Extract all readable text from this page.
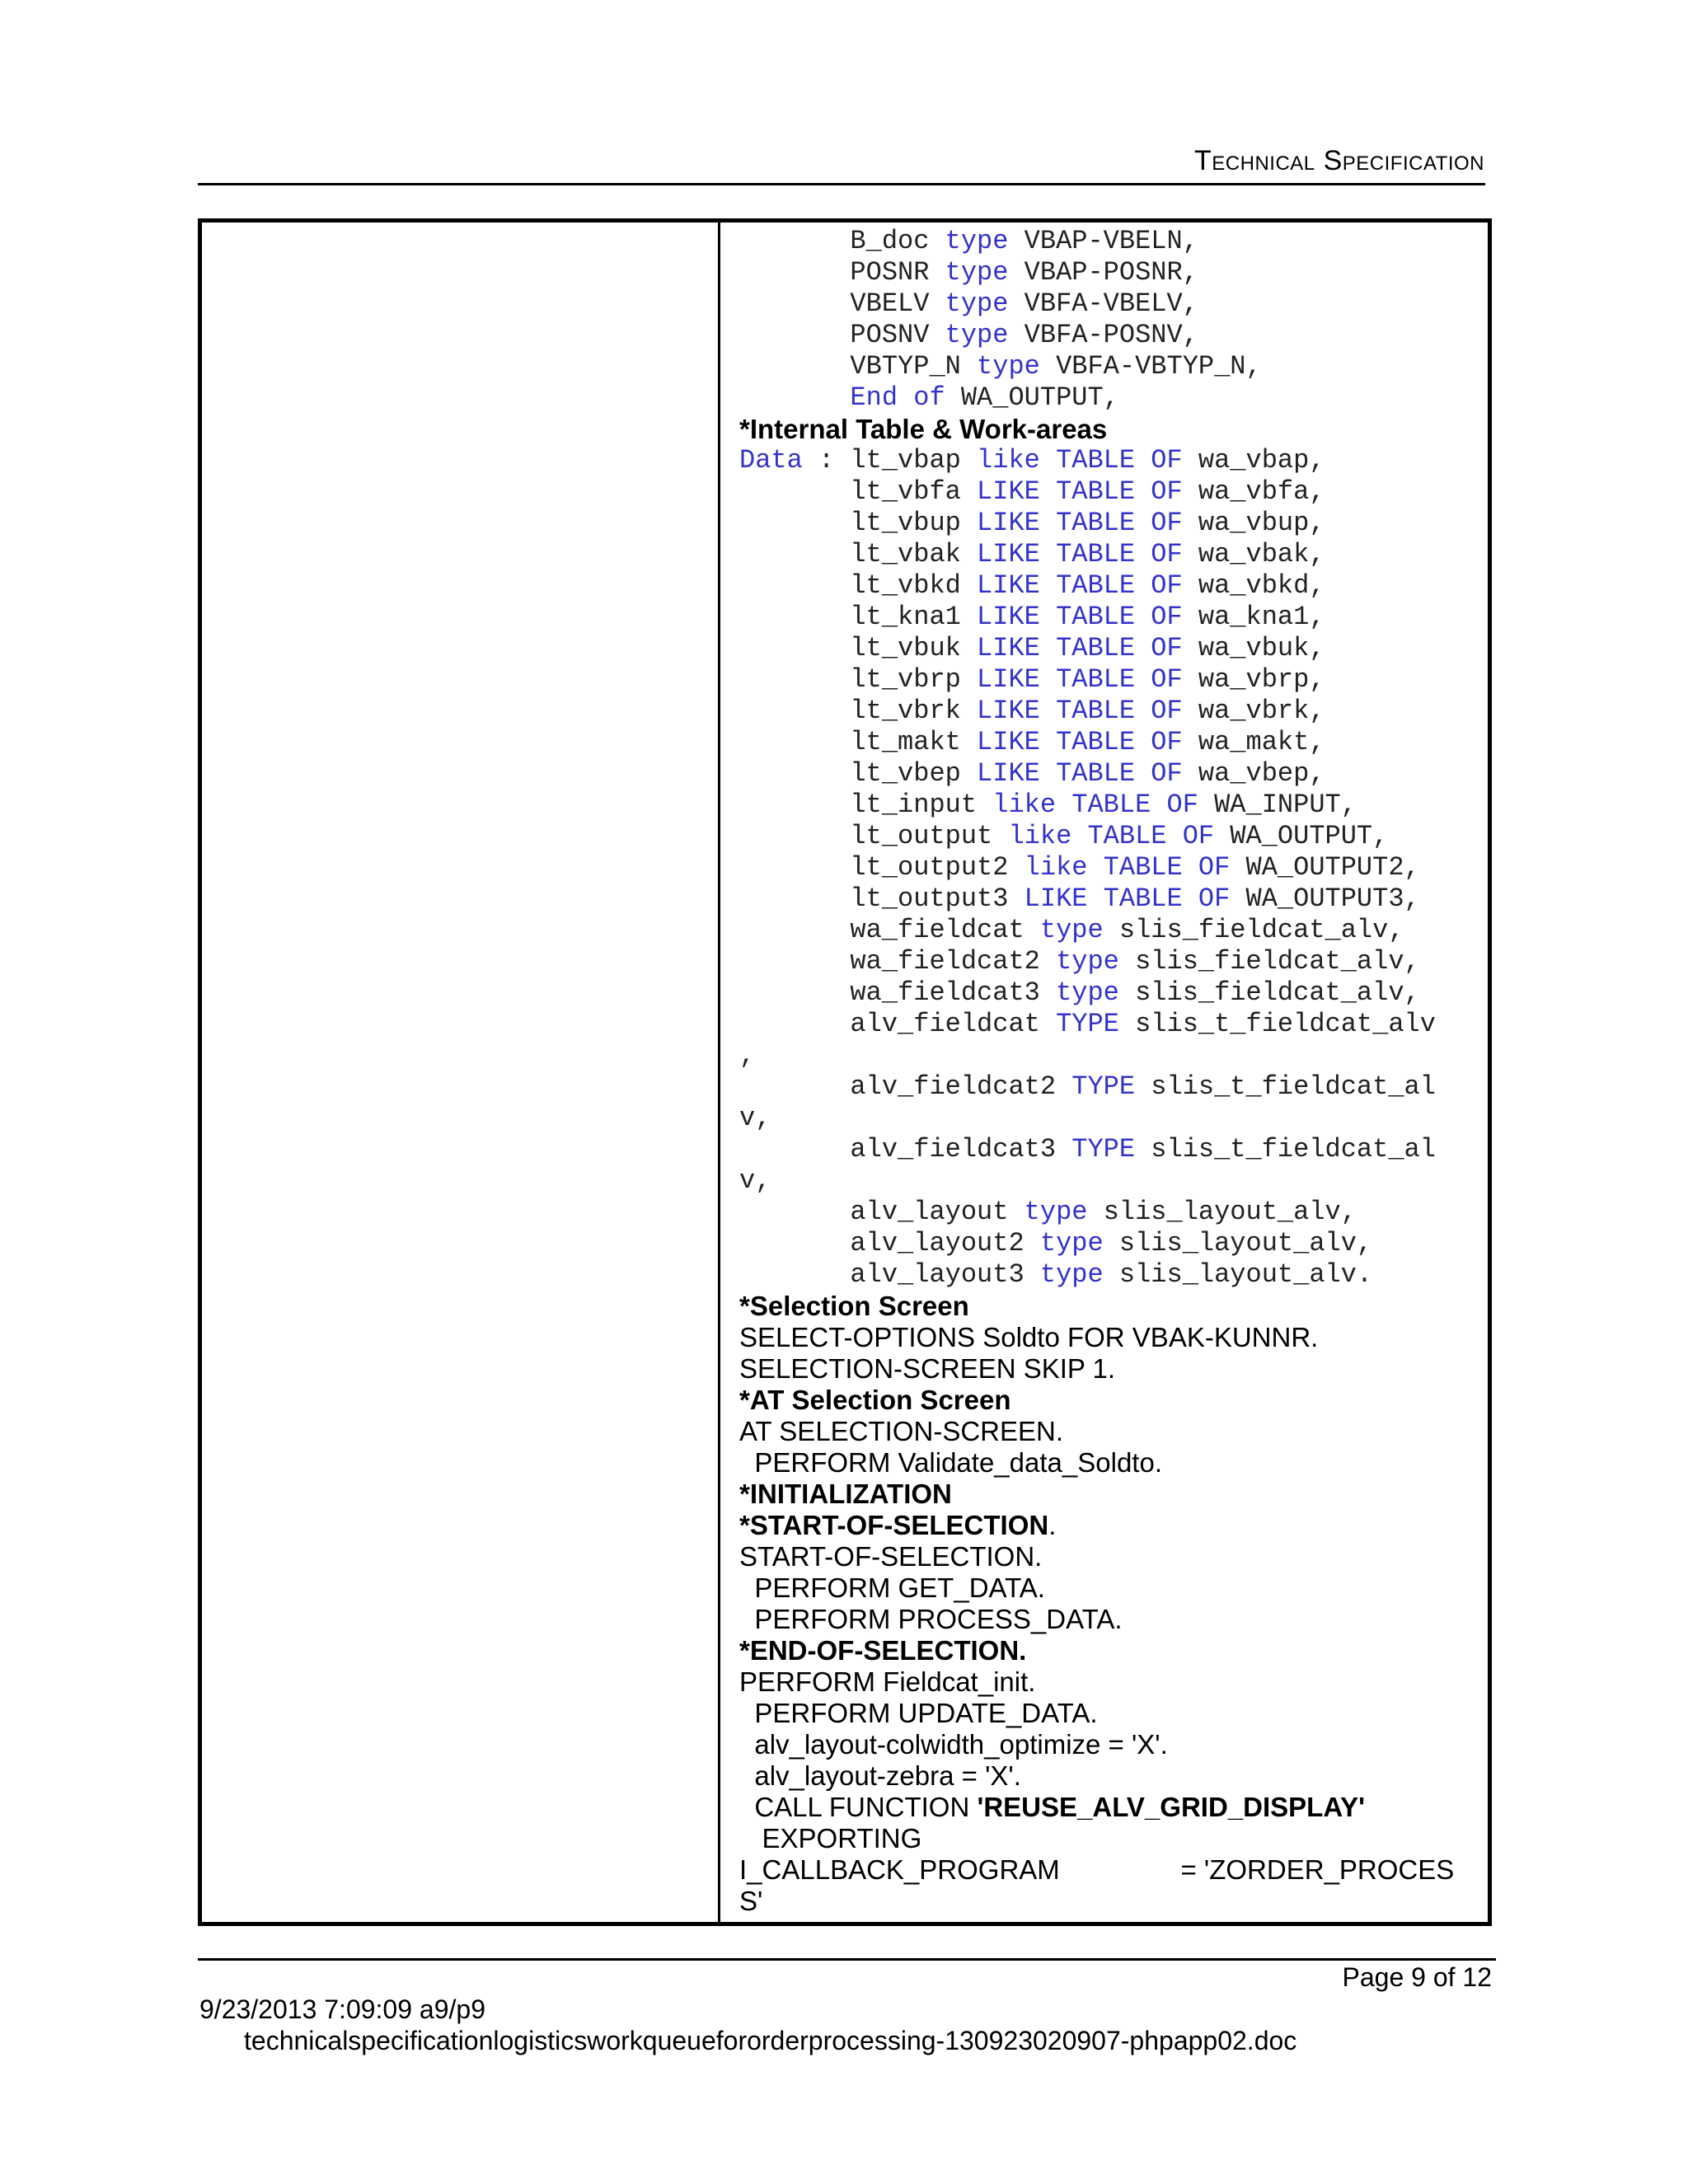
Technical Specification
B_doc type VBAP-VBELN,
POSNR type VBAP-POSNR,
VBELV type VBFA-VBELV,
POSNV type VBFA-POSNV,
VBTYP_N type VBFA-VBTYP_N,
End of WA_OUTPUT,
*Internal Table & Work-areas
Data : lt_vbap like TABLE OF wa_vbap,
lt_vbfa LIKE TABLE OF wa_vbfa,
lt_vbup LIKE TABLE OF wa_vbup,
lt_vbak LIKE TABLE OF wa_vbak,
lt_vbkd LIKE TABLE OF wa_vbkd,
lt_kna1 LIKE TABLE OF wa_kna1,
lt_vbuk LIKE TABLE OF wa_vbuk,
lt_vbrp LIKE TABLE OF wa_vbrp,
lt_vbrk LIKE TABLE OF wa_vbrk,
lt_makt LIKE TABLE OF wa_makt,
lt_vbep LIKE TABLE OF wa_vbep,
lt_input like TABLE OF WA_INPUT,
lt_output like TABLE OF WA_OUTPUT,
lt_output2 like TABLE OF WA_OUTPUT2,
lt_output3 LIKE TABLE OF WA_OUTPUT3,
wa_fieldcat type slis_fieldcat_alv,
wa_fieldcat2 type slis_fieldcat_alv,
wa_fieldcat3 type slis_fieldcat_alv,
alv_fieldcat TYPE slis_t_fieldcat_alv
,
alv_fieldcat2 TYPE slis_t_fieldcat_al
v,
alv_fieldcat3 TYPE slis_t_fieldcat_al
v,
alv_layout type slis_layout_alv,
alv_layout2 type slis_layout_alv,
alv_layout3 type slis_layout_alv.
*Selection Screen
SELECT-OPTIONS Soldto FOR VBAK-KUNNR.
SELECTION-SCREEN SKIP 1.
*AT Selection Screen
AT SELECTION-SCREEN.
PERFORM Validate_data_Soldto.
*INITIALIZATION
*START-OF-SELECTION.
START-OF-SELECTION.
PERFORM GET_DATA.
PERFORM PROCESS_DATA.
*END-OF-SELECTION.
PERFORM Fieldcat_init.
PERFORM UPDATE_DATA.
alv_layout-colwidth_optimize = 'X'.
alv_layout-zebra = 'X'.
CALL FUNCTION 'REUSE_ALV_GRID_DISPLAY'
EXPORTING
I_CALLBACK_PROGRAM                = 'ZORDER_PROCES
S'
Page 9 of 12
9/23/2013 7:09:09 a9/p9
technicalspecificationlogisticsworkqueuefororderprocessing-130923020907-phpapp02.doc
